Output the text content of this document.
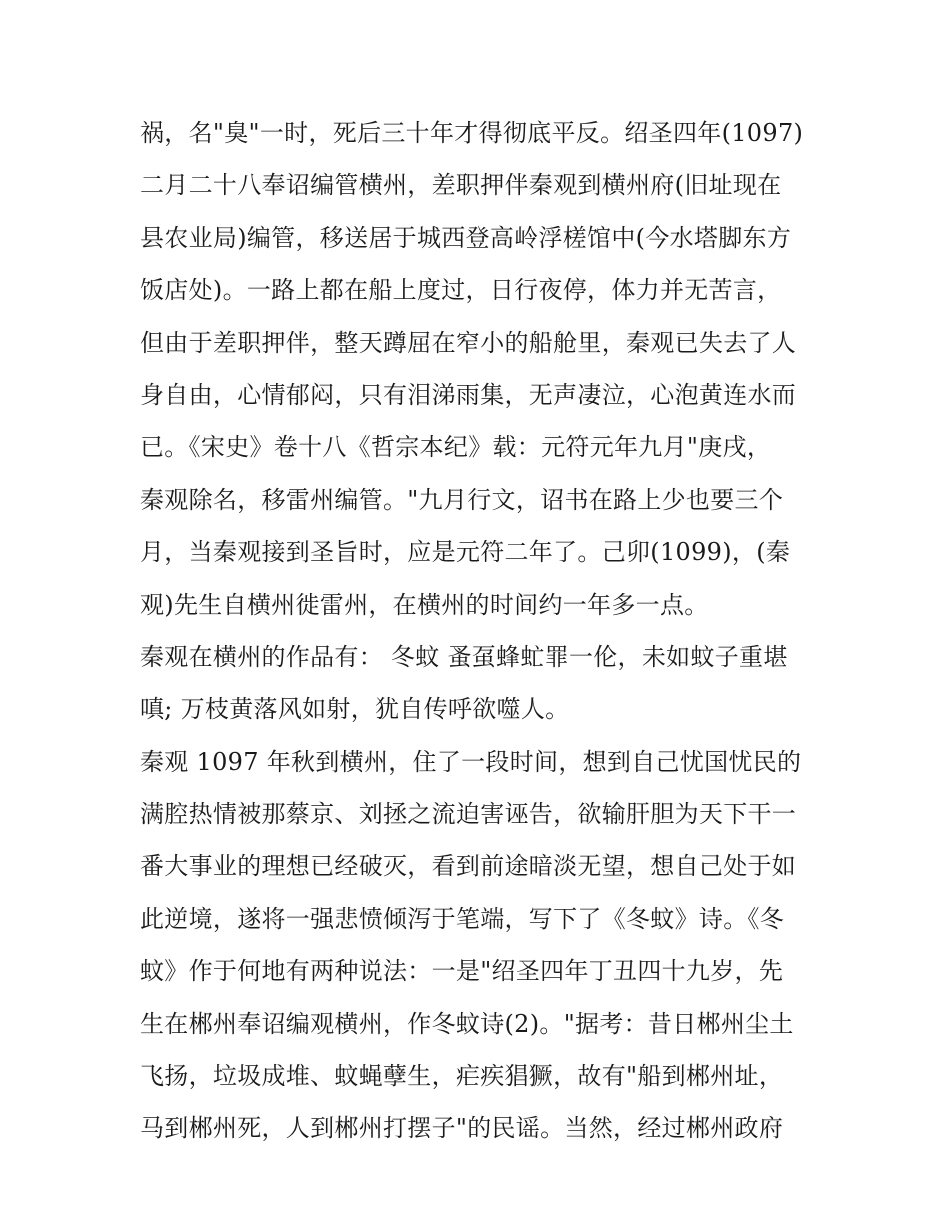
祸，名"臭"一时，死后三十年才得彻底平反。绍圣四年(1097)
二月二十八奉诏编管横州，差职押伴秦观到横州府(旧址现在
县农业局)编管，移送居于城西登高岭浮槎馆中(今水塔脚东方
饭店处)。一路上都在船上度过，日行夜停，体力并无苦言，
但由于差职押伴，整天蹲屈在窄小的船舱里，秦观已失去了人
身自由，心情郁闷，只有泪涕雨集，无声凄泣，心泡黄连水而
已。《宋史》卷十八《哲宗本纪》载：元符元年九月"庚戌，
秦观除名，移雷州编管。"九月行文，诏书在路上少也要三个
月，当秦观接到圣旨时，应是元符二年了。己卯(1099)，(秦
观)先生自横州徙雷州，在横州的时间约一年多一点。
秦观在横州的作品有： 冬蚊 蚤虿蜂虻罪一伦，未如蚊子重堪
嗔; 万枝黄落风如射，犹自传呼欲噬人。
秦观 1097 年秋到横州，住了一段时间，想到自己忧国忧民的
满腔热情被那蔡京、刘拯之流迫害诬告，欲输肝胆为天下干一
番大事业的理想已经破灭，看到前途暗淡无望，想自己处于如
此逆境，遂将一强悲愤倾泻于笔端，写下了《冬蚊》诗。《冬
蚊》作于何地有两种说法：一是"绍圣四年丁丑四十九岁，先
生在郴州奉诏编观横州，作冬蚊诗(2)。"据考：昔日郴州尘土
飞扬，垃圾成堆、蚊蝇孽生，疟疾猖獗，故有"船到郴州址，
马到郴州死，人到郴州打摆子"的民谣。当然，经过郴州政府
